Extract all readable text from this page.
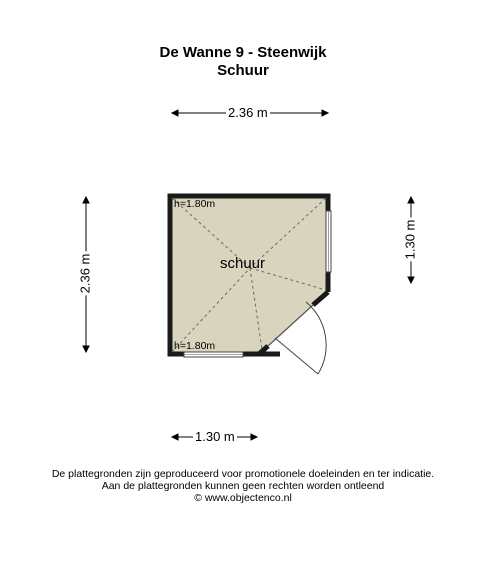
De Wanne 9 - Steenwijk
Schuur
2.36 m
2.36 m
1.30 m
1.30 m
h=1.80m
h=1.80m
schuur
De plattegronden zijn geproduceerd voor promotionele doeleinden en ter indicatie.
Aan de plattegronden kunnen geen rechten worden ontleend
© www.objectenco.nl
